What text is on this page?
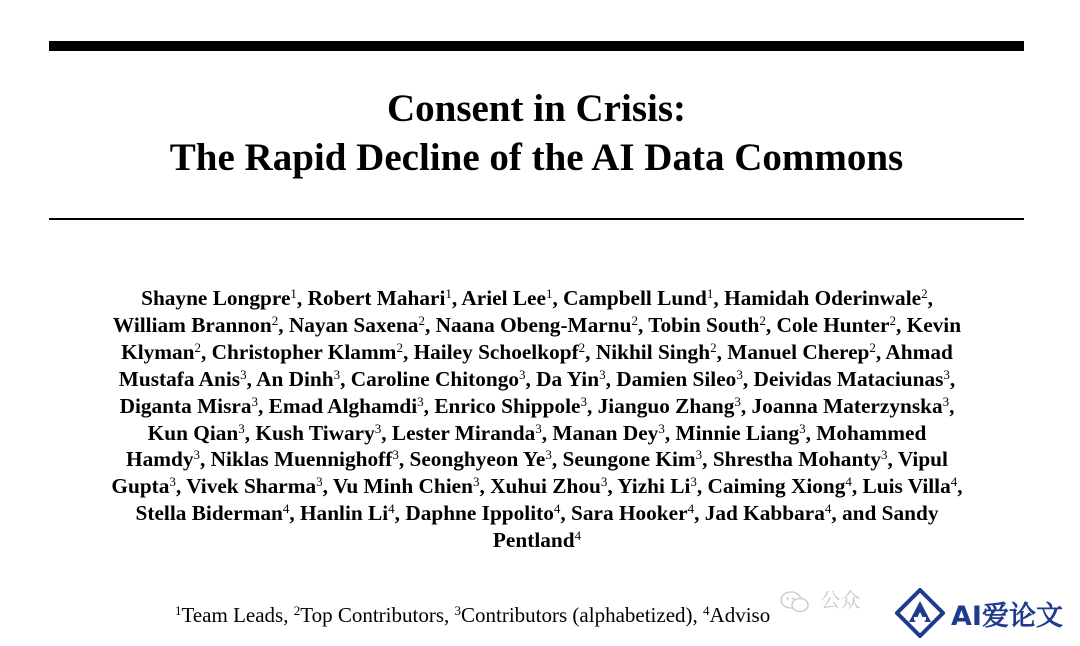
Consent in Crisis:
The Rapid Decline of the AI Data Commons
Shayne Longpre$^1$, Robert Mahari$^1$, Ariel Lee$^1$, Campbell Lund$^1$, Hamidah Oderinwale$^2$,
William Brannon$^2$, Nayan Saxena$^2$, Naana Obeng-Marnu$^2$, Tobin South$^2$, Cole Hunter$^2$, Kevin
Klyman$^2$, Christopher Klamm$^2$, Hailey Schoelkopf$^2$, Nikhil Singh$^2$, Manuel Cherep$^2$, Ahmad
Mustafa Anis$^3$, An Dinh$^3$, Caroline Chitongo$^3$, Da Yin$^3$, Damien Sileo$^3$, Deividas Mataciunas$^3$,
Diganta Misra$^3$, Emad Alghamdi$^3$, Enrico Shippole$^3$, Jianguo Zhang$^3$, Joanna Materzynska$^3$,
Kun Qian$^3$, Kush Tiwary$^3$, Lester Miranda$^3$, Manan Dey$^3$, Minnie Liang$^3$, Mohammed
Hamdy$^3$, Niklas Muennighoff$^3$, Seonghyeon Ye$^3$, Seungone Kim$^3$, Shrestha Mohanty$^3$, Vipul
Gupta$^3$, Vivek Sharma$^3$, Vu Minh Chien$^3$, Xuhui Zhou$^3$, Yizhi Li$^3$, Caiming Xiong$^4$, Luis Villa$^4$,
Stella Biderman$^4$, Hanlin Li$^4$, Daphne Ippolito$^4$, Sara Hooker$^4$, Jad Kabbara$^4$, and Sandy
Pentland$^4$
$^1$Team Leads, $^2$Top Contributors, $^3$Contributors (alphabetized), $^4$Adviso
公众
AI爱论文
